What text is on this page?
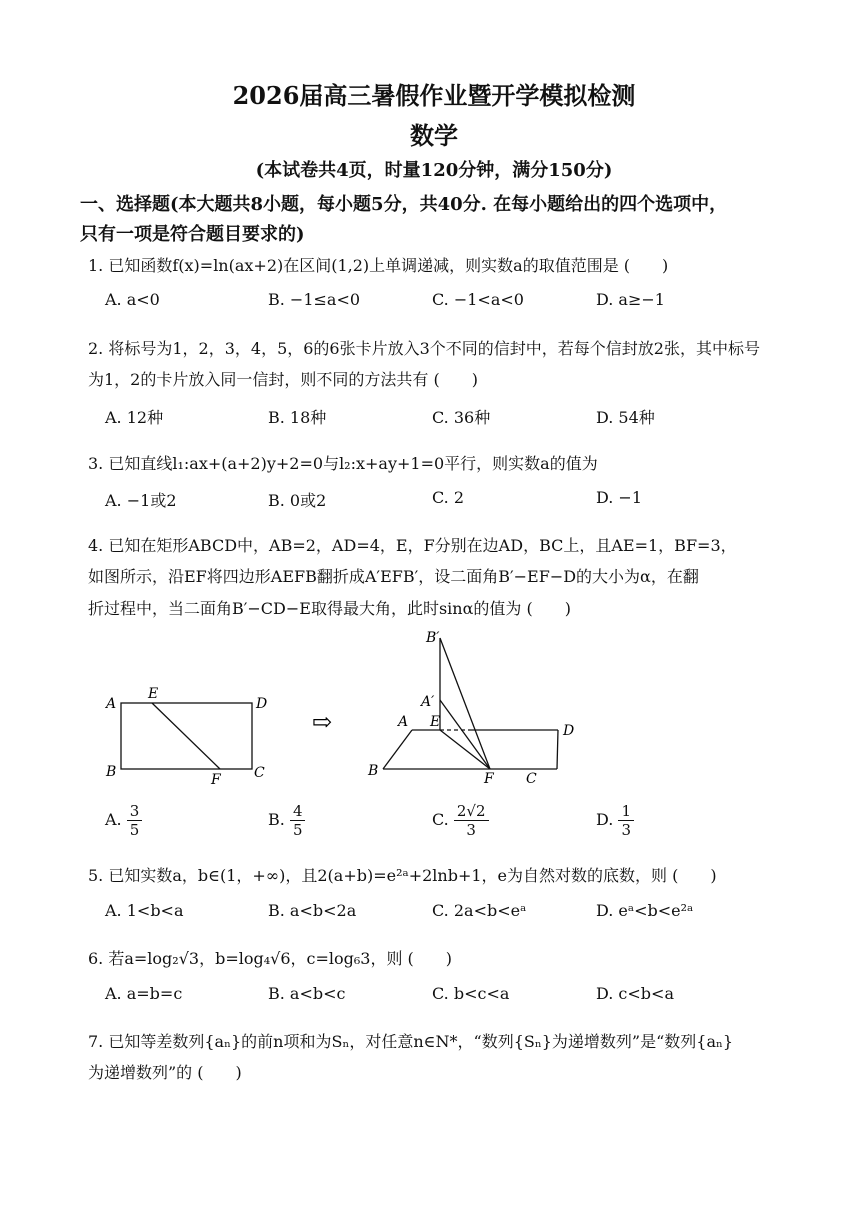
2026届高三暑假作业暨开学模拟检测
数学
(本试卷共4页，时量120分钟，满分150分)
一、选择题(本大题共8小题，每小题5分，共40分. 在每小题给出的四个选项中，
只有一项是符合题目要求的)
1. 已知函数f(x)=ln(ax+2)在区间(1,2)上单调递减，则实数a的取值范围是 (　　)
A. a<0	B. −1≤a<0	C. −1<a<0	D. a≥−1
2. 将标号为1，2，3，4，5，6的6张卡片放入3个不同的信封中，若每个信封放2张，其中标号
为1，2的卡片放入同一信封，则不同的方法共有 (　　)
A. 12种	B. 18种	C. 36种	D. 54种
3. 已知直线l₁:ax+(a+2)y+2=0与l₂:x+ay+1=0平行，则实数a的值为
A. −1或2	B. 0或2	C. 2	D. −1
4. 已知在矩形ABCD中，AB=2，AD=4，E，F分别在边AD，BC上，且AE=1，BF=3，
如图所示，沿EF将四边形AEFB翻折成A′EFB′，设二面角B′−EF−D的大小为α，在翻
折过程中，当二面角B′−CD−E取得最大角，此时sinα的值为 (　　)
A
E
D
B	F C
⇨
B′
A′
A E
D
B	F C
A. $\frac{3}{5}$	B. $\frac{4}{5}$	C. $\frac{2√2}{3}$	D. $\frac{1}{3}$
5. 已知实数a，b∈(1，+∞)，且2(a+b)=e²ᵃ+2lnb+1，e为自然对数的底数，则 (　　)
A. 1<b<a	B. a<b<2a	C. 2a<b<eᵃ	D. eᵃ<b<e²ᵃ
6. 若a=log₂√3，b=log₄√6，c=log₆3，则 (　　)
A. a=b=c	B. a<b<c	C. b<c<a	D. c<b<a
7. 已知等差数列{aₙ}的前n项和为Sₙ，对任意n∈N*，“数列{Sₙ}为递增数列”是“数列{aₙ}
为递增数列”的 (　　)
